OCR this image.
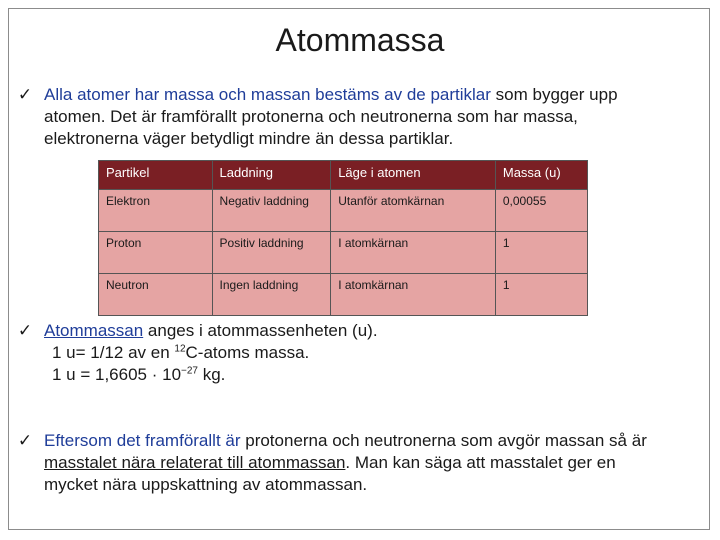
Atommassa
✓ Alla atomer har massa och massan bestäms av de partiklar som bygger upp
atomen. Det är framförallt protonerna och neutronerna som har massa,
elektronerna väger betydligt mindre än dessa partiklar.
Partikel	Laddning	Läge i atomen	Massa (u)
Elektron	Negativ laddning	Utanför atomkärnan	0,00055
Proton	Positiv laddning	I atomkärnan	1
Neutron	Ingen laddning	I atomkärnan	1
✓ Atommassan anges i atommassenheten (u).
1 u= 1/12 av en $^{12}$C-atoms massa.
1 $u = 1,6605 \cdot 10^{-27}$ kg.
✓ Eftersom det framförallt är protonerna och neutronerna som avgör massan så är
masstalet nära relaterat till atommassan. Man kan säga att masstalet ger en
mycket nära uppskattning av atommassan.
